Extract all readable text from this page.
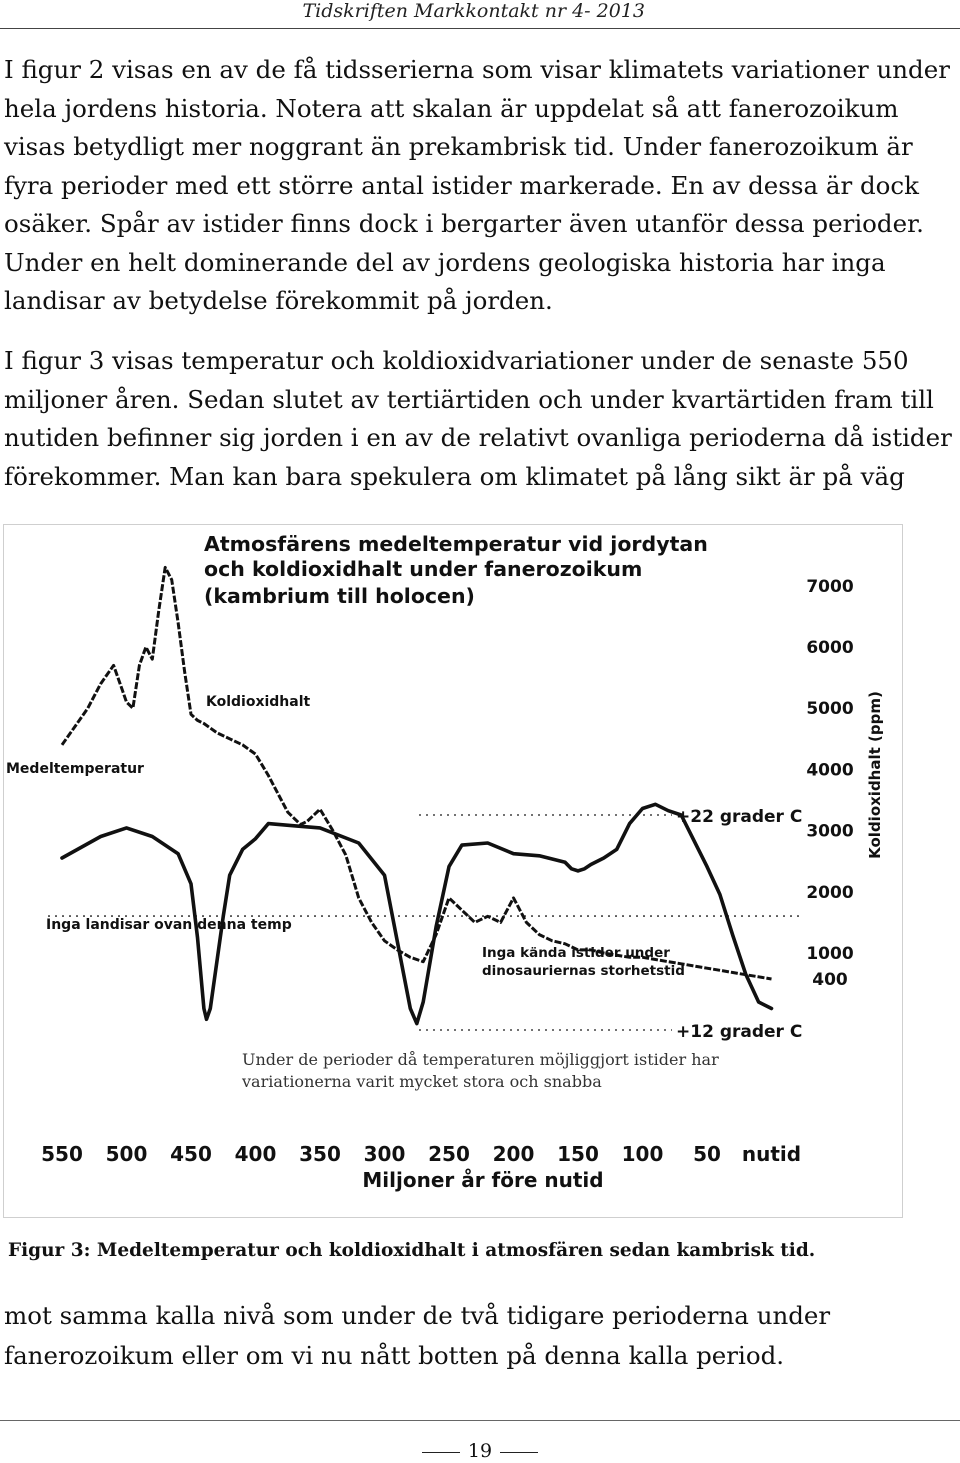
Tidskriften Markkontakt nr 4- 2013

I figur 2 visas en av de få tidsserierna som visar klimatets variationer under hela jordens historia. Notera att skalan är uppdelat så att fanerozoikum visas betydligt mer noggrant än prekambrisk tid. Under fanerozoikum är fyra perioder med ett större antal istider markerade. En av dessa är dock osäker. Spår av istider finns dock i bergarter även utanför dessa perioder. Under en helt dominerande del av jordens geologiska historia har inga landisar av betydelse förekommit på jorden.

I figur 3 visas temperatur och koldioxidvariationer under de senaste 550 miljoner åren. Sedan slutet av tertiärtiden och under kvartärtiden fram till nutiden befinner sig jorden i en av de relativt ovanliga perioderna då istider förekommer. Man kan bara spekulera om klimatet på lång sikt är på väg

Atmosfärens medeltemperatur vid jordytan
och koldioxidhalt under fanerozoikum
(kambrium till holocen)
Koldioxidhalt
Medeltemperatur
Inga landisar ovan denna temp
Inga kända istider under
dinosauriernas storhetstid
+22 grader C
+12 grader C
Under de perioder då temperaturen möjliggjort istider har
variationerna varit mycket stora och snabba
Koldioxidhalt (ppm)
Miljoner år före nutid
550 500 450 400 350 300 250 200 150 100 50 nutid
7000
6000
5000
4000
3000
2000
1000
400
Figur 3: Medeltemperatur och koldioxidhalt i atmosfären sedan kambrisk tid.

mot samma kalla nivå som under de två tidigare perioderna under fanerozoikum eller om vi nu nått botten på denna kalla period.

19
